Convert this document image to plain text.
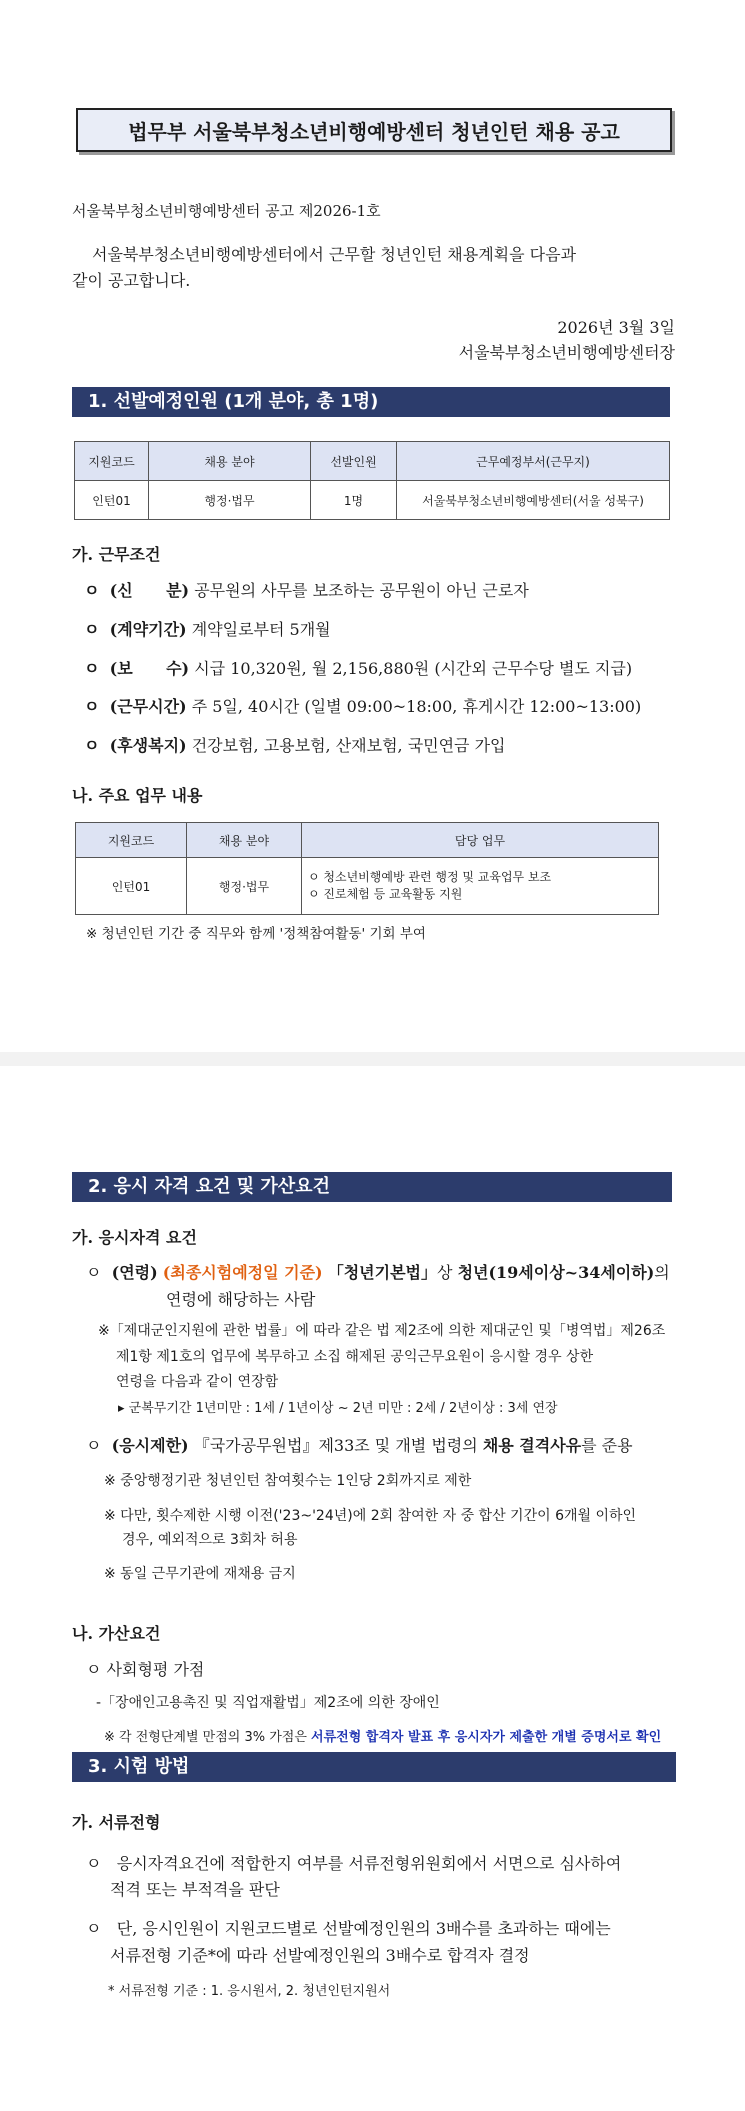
법무부 서울북부청소년비행예방센터 청년인턴 채용 공고
서울북부청소년비행예방센터 공고 제2026-1호
서울북부청소년비행예방센터에서 근무할 청년인턴 채용계획을 다음과
같이 공고합니다.
2026년 3월 3일
서울북부청소년비행예방센터장
1. 선발예정인원 (1개 분야, 총 1명)
지원코드	채용 분야	선발인원	근무예정부서(근무지)
인턴01	행정·법무	1명	서울북부청소년비행예방센터(서울 성북구)
가. 근무조건
ㅇ (신      분) 공무원의 사무를 보조하는 공무원이 아닌 근로자
ㅇ (계약기간) 계약일로부터 5개월
ㅇ (보      수) 시급 10,320원, 월 2,156,880원 (시간외 근무수당 별도 지급)
ㅇ (근무시간) 주 5일, 40시간 (일별 09:00~18:00, 휴게시간 12:00~13:00)
ㅇ (후생복지) 건강보험, 고용보험, 산재보험, 국민연금 가입
나. 주요 업무 내용
지원코드	채용 분야	담당 업무
인턴01	행정·법무	ㅇ 청소년비행예방 관련 행정 및 교육업무 보조
ㅇ 진로체험 등 교육활동 지원
※ 청년인턴 기간 중 직무와 함께 '정책참여활동' 기회 부여
2. 응시 자격 요건 및 가산요건
가. 응시자격 요건
ㅇ (연령) (최종시험예정일 기준) 「청년기본법」상 청년(19세이상~34세이하)의
연령에 해당하는 사람
※「제대군인지원에 관한 법률」에 따라 같은 법 제2조에 의한 제대군인 및「병역법」제26조
제1항 제1호의 업무에 복무하고 소집 해제된 공익근무요원이 응시할 경우 상한
연령을 다음과 같이 연장함
▸ 군복무기간 1년미만 : 1세 / 1년이상 ~ 2년 미만 : 2세 / 2년이상 : 3세 연장
ㅇ (응시제한) 『국가공무원법』제33조 및 개별 법령의 채용 결격사유를 준용
※ 중앙행정기관 청년인턴 참여횟수는 1인당 2회까지로 제한
※ 다만, 횟수제한 시행 이전('23~'24년)에 2회 참여한 자 중 합산 기간이 6개월 이하인
경우, 예외적으로 3회차 허용
※ 동일 근무기관에 재채용 금지
나. 가산요건
ㅇ 사회형평 가점
-「장애인고용촉진 및 직업재활법」제2조에 의한 장애인
※ 각 전형단계별 만점의 3% 가점은 서류전형 합격자 발표 후 응시자가 제출한 개별 증명서로 확인
3. 시험 방법
가. 서류전형
ㅇ 응시자격요건에 적합한지 여부를 서류전형위원회에서 서면으로 심사하여
적격 또는 부적격을 판단
ㅇ 단, 응시인원이 지원코드별로 선발예정인원의 3배수를 초과하는 때에는
서류전형 기준*에 따라 선발예정인원의 3배수로 합격자 결정
* 서류전형 기준 : 1. 응시원서, 2. 청년인턴지원서
